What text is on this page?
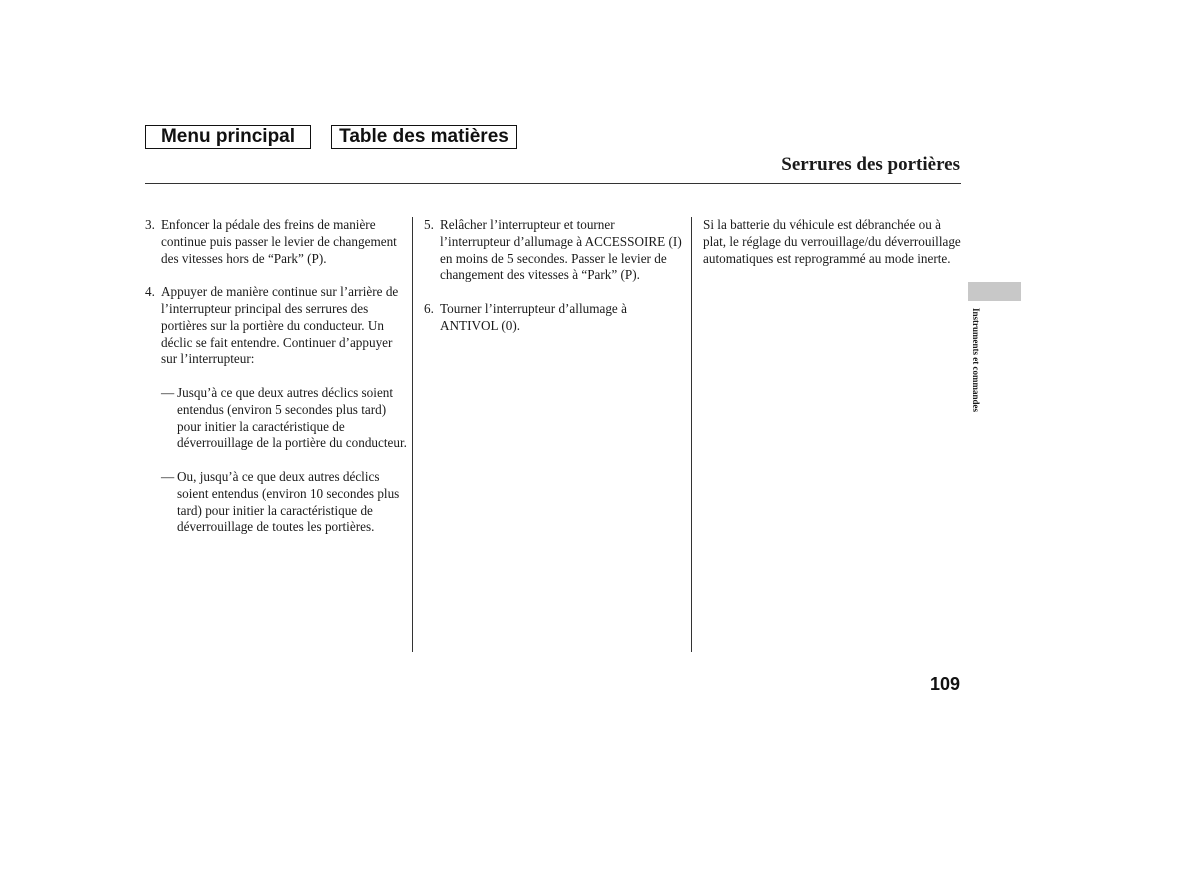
Menu principal	Table des matières
Serrures des portières
3. Enfoncer la pédale des freins de manière continue puis passer le levier de changement des vitesses hors de “Park” (P).
4. Appuyer de manière continue sur l’arrière de l’interrupteur principal des serrures des portières sur la portière du conducteur. Un déclic se fait entendre. Continuer d’appuyer sur l’interrupteur:
— Jusqu’à ce que deux autres déclics soient entendus (environ 5 secondes plus tard) pour initier la caractéristique de déverrouillage de la portière du conducteur.
— Ou, jusqu’à ce que deux autres déclics soient entendus (environ 10 secondes plus tard) pour initier la caractéristique de déverrouillage de toutes les portières.
5. Relâcher l’interrupteur et tourner l’interrupteur d’allumage à ACCESSOIRE (I) en moins de 5 secondes. Passer le levier de changement des vitesses à “Park” (P).
6. Tourner l’interrupteur d’allumage à ANTIVOL (0).

Si la batterie du véhicule est débranchée ou à plat, le réglage du verrouillage/du déverrouillage automatiques est reprogrammé au mode inerte.

Instruments et commandes
109
